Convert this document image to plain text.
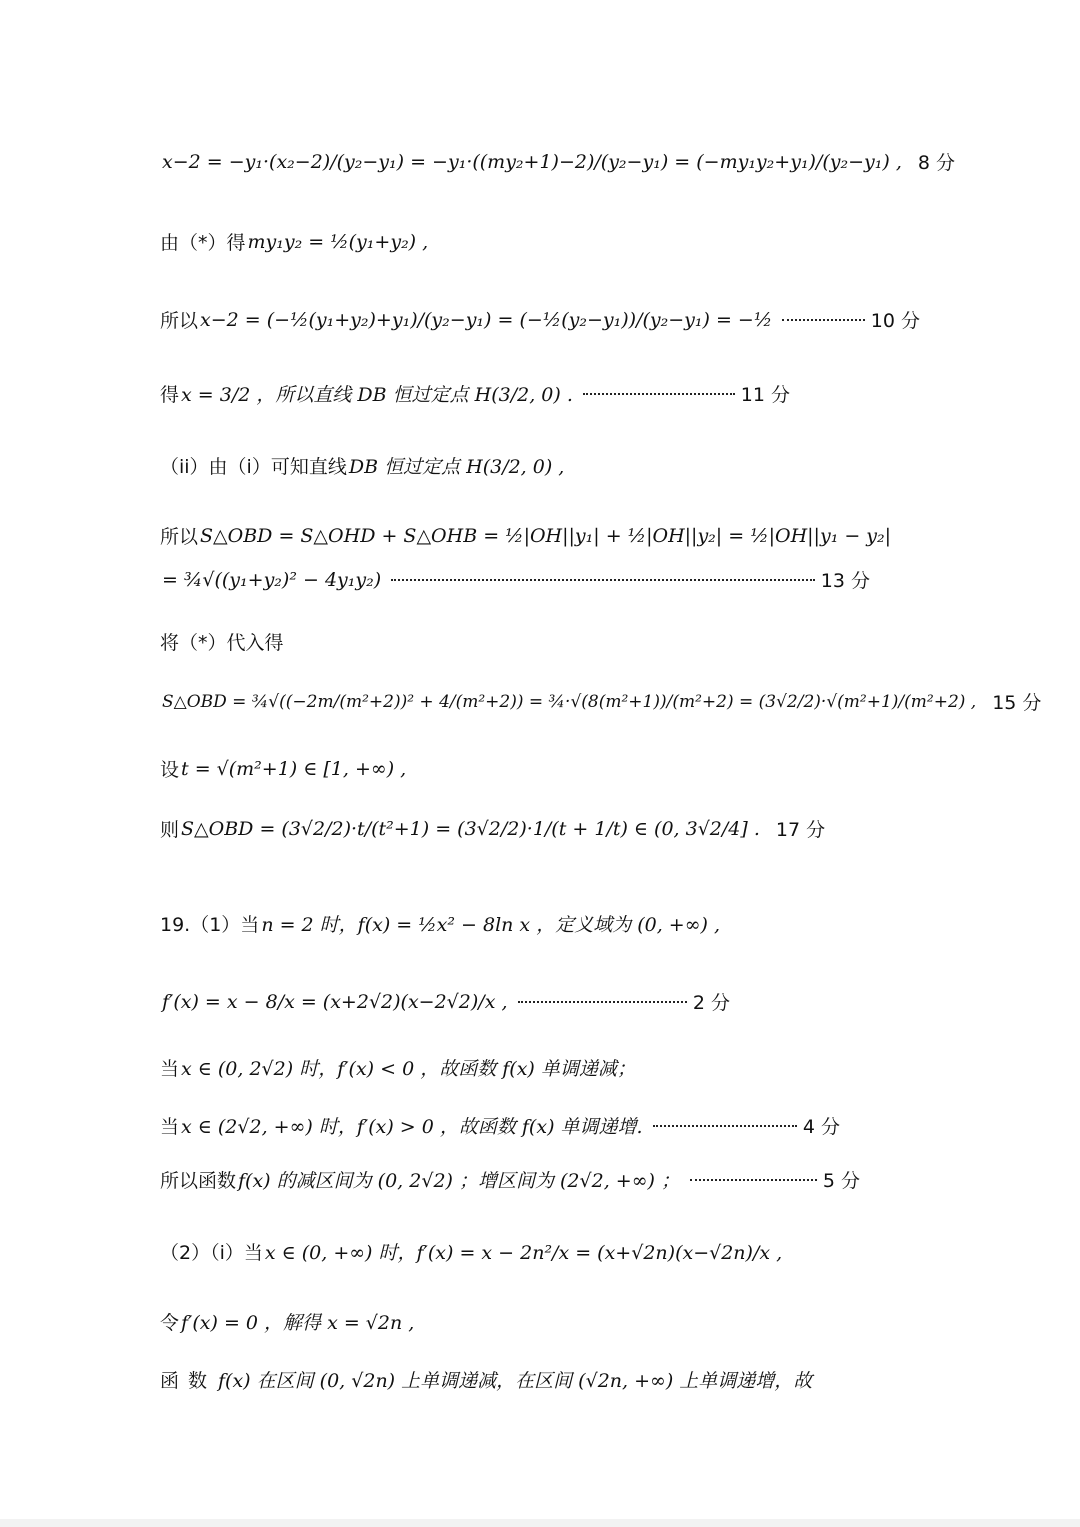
x−2 = −y₁·(x₂−2)/(y₂−y₁) = −y₁·((my₂+1)−2)/(y₂−y₁) = (−my₁y₂+y₁)/(y₂−y₁) , 8 分
由（*）得 my₁y₂ = ½(y₁+y₂) ,
所以 x−2 = (−½(y₁+y₂)+y₁)/(y₂−y₁) = (−½(y₂−y₁))/(y₂−y₁) = −½	10 分
得 x = 3/2 ，所以直线 DB 恒过定点 H(3/2, 0) .	11 分
（ii）由（i）可知直线 DB 恒过定点 H(3/2, 0) ,
所以 S△OBD = S△OHD + S△OHB = ½|OH||y₁| + ½|OH||y₂| = ½|OH||y₁ − y₂|
= ¾√((y₁+y₂)² − 4y₁y₂)	13 分
将（*）代入得
S△OBD = ¾√((−2m/(m²+2))² + 4/(m²+2)) = ¾·√(8(m²+1))/(m²+2) = (3√2/2)·√(m²+1)/(m²+2) , 15 分
设 t = √(m²+1) ∈ [1, +∞) ,
则 S△OBD = (3√2/2)·t/(t²+1) = (3√2/2)·1/(t + 1/t) ∈ (0, 3√2/4] . 17 分
19.（1）当 n = 2 时，f(x) = ½x² − 8ln x ，定义域为 (0, +∞) ,
f′(x) = x − 8/x = (x+2√2)(x−2√2)/x ,	2 分
当 x ∈ (0, 2√2) 时，f′(x) < 0 ，故函数 f(x) 单调递减；
当 x ∈ (2√2, +∞) 时，f′(x) > 0 ，故函数 f(x) 单调递增.	4 分
所以函数 f(x) 的减区间为 (0, 2√2) ；增区间为 (2√2, +∞) ；	5 分
（2）（i）当 x ∈ (0, +∞) 时，f′(x) = x − 2n²/x = (x+√2n)(x−√2n)/x ,
令 f′(x) = 0 ，解得 x = √2n ,
函数 f(x) 在区间 (0, √2n) 上单调递减，在区间 (√2n, +∞) 上单调递增，故
